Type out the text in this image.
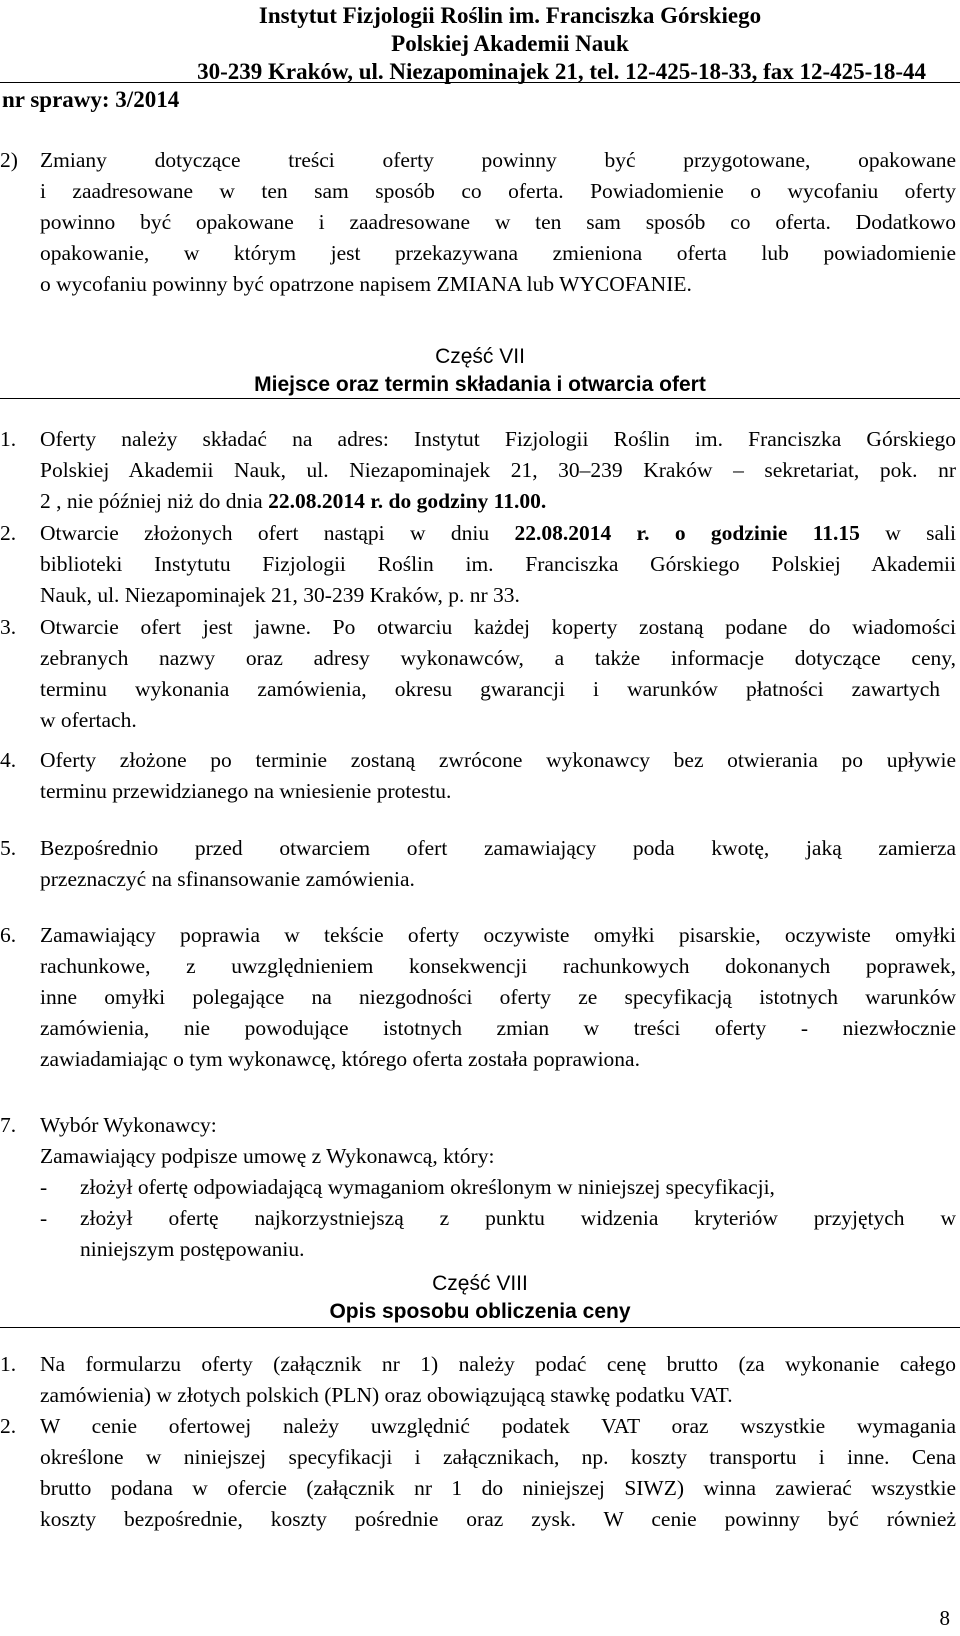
Instytut Fizjologii Roślin im. Franciszka Górskiego
Polskiej Akademii Nauk
30-239 Kraków, ul. Niezapominajek 21, tel. 12-425-18-33, fax 12-425-18-44
nr sprawy: 3/2014
2) Zmiany dotyczące treści oferty powinny być przygotowane, opakowane
i zaadresowane w ten sam sposób co oferta. Powiadomienie o wycofaniu oferty
powinno być opakowane i zaadresowane w ten sam sposób co oferta. Dodatkowo
opakowanie, w którym jest przekazywana zmieniona oferta lub powiadomienie
o wycofaniu powinny być opatrzone napisem ZMIANA lub WYCOFANIE.
Część VII
Miejsce oraz termin składania i otwarcia ofert
1. Oferty należy składać na adres: Instytut Fizjologii Roślin im. Franciszka Górskiego
Polskiej Akademii Nauk, ul. Niezapominajek 21, 30–239 Kraków – sekretariat, pok. nr
2 , nie później niż do dnia 22.08.2014 r. do godziny 11.00.
2. Otwarcie złożonych ofert nastąpi w dniu 22.08.2014 r. o godzinie 11.15 w sali
biblioteki Instytutu Fizjologii Roślin im. Franciszka Górskiego Polskiej Akademii
Nauk, ul. Niezapominajek 21, 30-239 Kraków, p. nr 33.
3. Otwarcie ofert jest jawne. Po otwarciu każdej koperty zostaną podane do wiadomości
zebranych nazwy oraz adresy wykonawców, a także informacje dotyczące ceny,
terminu wykonania zamówienia, okresu gwarancji i warunków płatności zawartych
w ofertach.
4. Oferty złożone po terminie zostaną zwrócone wykonawcy bez otwierania po upływie
terminu przewidzianego na wniesienie protestu.
5. Bezpośrednio przed otwarciem ofert zamawiający poda kwotę, jaką zamierza
przeznaczyć na sfinansowanie zamówienia.
6. Zamawiający poprawia w tekście oferty oczywiste omyłki pisarskie, oczywiste omyłki
rachunkowe, z uwzględnieniem konsekwencji rachunkowych dokonanych poprawek,
inne omyłki polegające na niezgodności oferty ze specyfikacją istotnych warunków
zamówienia, nie powodujące istotnych zmian w treści oferty - niezwłocznie
zawiadamiając o tym wykonawcę, którego oferta została poprawiona.
7. Wybór Wykonawcy:
Zamawiający podpisze umowę z Wykonawcą, który:
- złożył ofertę odpowiadającą wymaganiom określonym w niniejszej specyfikacji,
- złożył ofertę najkorzystniejszą z punktu widzenia kryteriów przyjętych w
niniejszym postępowaniu.
Część VIII
Opis sposobu obliczenia ceny
1. Na formularzu oferty (załącznik nr 1) należy podać cenę brutto (za wykonanie całego
zamówienia) w złotych polskich (PLN) oraz obowiązującą stawkę podatku VAT.
2. W cenie ofertowej należy uwzględnić podatek VAT oraz wszystkie wymagania
określone w niniejszej specyfikacji i załącznikach, np. koszty transportu i inne. Cena
brutto podana w ofercie (załącznik nr 1 do niniejszej SIWZ) winna zawierać wszystkie
koszty bezpośrednie, koszty pośrednie oraz zysk. W cenie powinny być również
8
